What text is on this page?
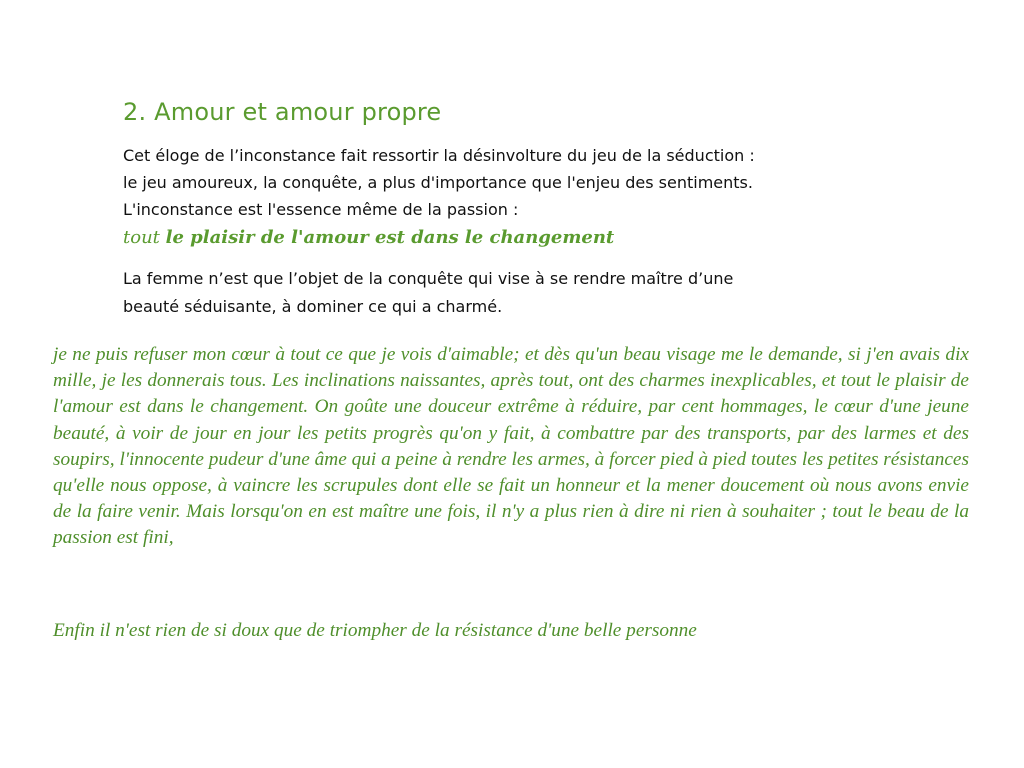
2. Amour et amour propre
Cet éloge de l’inconstance fait ressortir la désinvolture du jeu de la séduction :
le jeu amoureux, la conquête, a plus d'importance que l'enjeu des sentiments.
L'inconstance est l'essence même de la passion :
tout le plaisir de l'amour est dans le changement
La femme n’est que l’objet de la conquête qui vise à se rendre maître d’une
beauté séduisante, à dominer ce qui a charmé.

je ne puis refuser mon cœur à tout ce que je vois d'aimable; et dès qu'un beau visage me le demande, si j'en avais dix mille, je les donnerais tous. Les inclinations naissantes, après tout, ont des charmes inexplicables, et tout le plaisir de l'amour est dans le changement. On goûte une douceur extrême à réduire, par cent hommages, le cœur d'une jeune beauté, à voir de jour en jour les petits progrès qu'on y fait, à combattre par des transports, par des larmes et des soupirs, l'innocente pudeur d'une âme qui a peine à rendre les armes, à forcer pied à pied toutes les petites résistances qu'elle nous oppose, à vaincre les scrupules dont elle se fait un honneur et la mener doucement où nous avons envie de la faire venir. Mais lorsqu'on en est maître une fois, il n'y a plus rien à dire ni rien à souhaiter ; tout le beau de la passion est fini,

Enfin il n'est rien de si doux que de triompher de la résistance d'une belle personne
